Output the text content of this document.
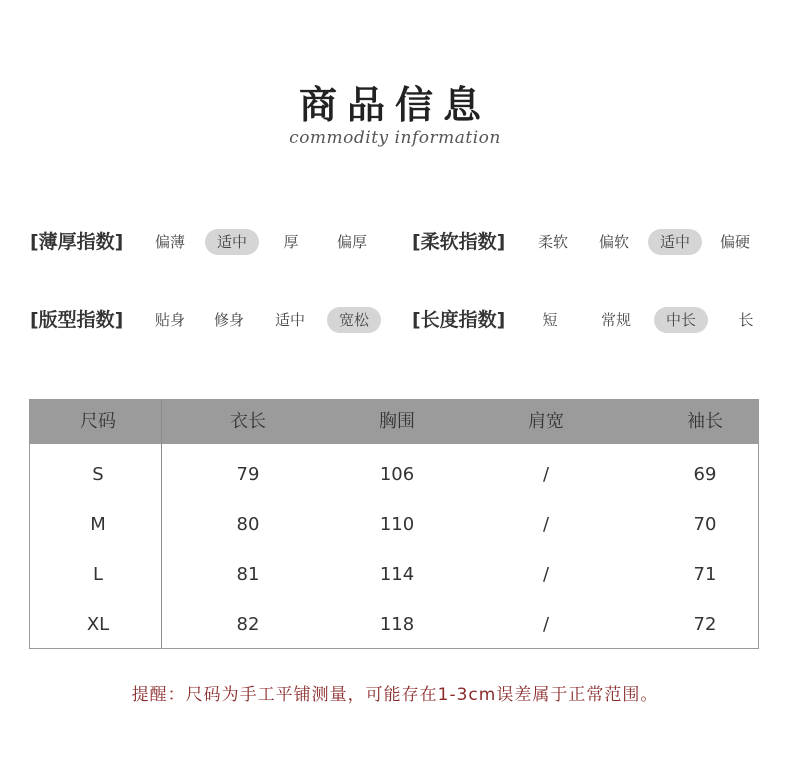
商品信息
commodity information
[薄厚指数]	偏薄	适中	厚	偏厚	[柔软指数]	柔软	偏软	适中	偏硬
[版型指数]	贴身	修身	适中	宽松	[长度指数]	短	常规	中长	长
尺码	衣长	胸围	肩宽	袖长
S	79	106	/	69
M	80	110	/	70
L	81	114	/	71
XL	82	118	/	72
提醒：尺码为手工平铺测量，可能存在1-3cm误差属于正常范围。
